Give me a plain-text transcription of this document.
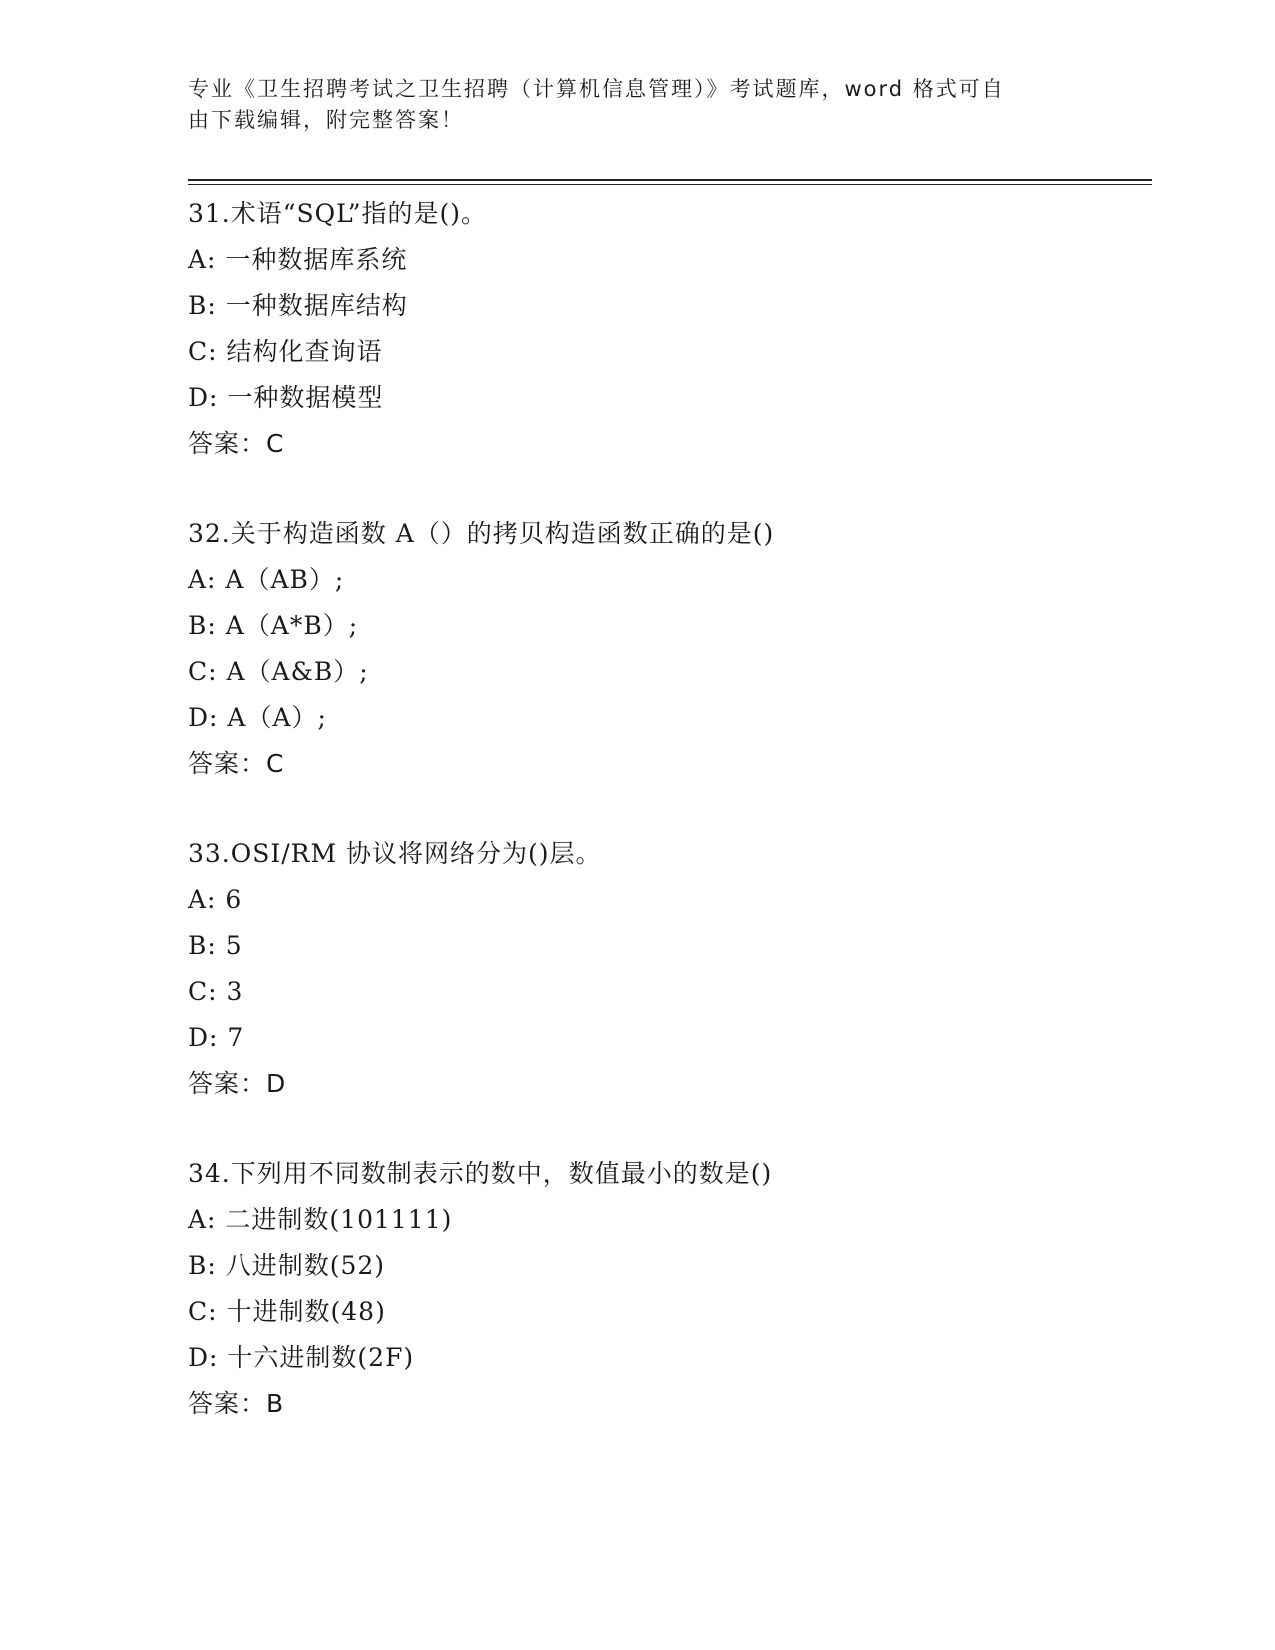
专业《卫生招聘考试之卫生招聘（计算机信息管理）》考试题库，word 格式可自
由下载编辑，附完整答案！
31.术语“SQL”指的是()。
A: 一种数据库系统
B: 一种数据库结构
C: 结构化查询语
D: 一种数据模型
答案：C
32.关于构造函数 A（）的拷贝构造函数正确的是()
A: A（AB）;
B: A（A*B）;
C: A（A&B）;
D: A（A）;
答案：C
33.OSI/RM 协议将网络分为()层。
A: 6
B: 5
C: 3
D: 7
答案：D
34.下列用不同数制表示的数中，数值最小的数是()
A: 二进制数(101111)
B: 八进制数(52)
C: 十进制数(48)
D: 十六进制数(2F)
答案：B
